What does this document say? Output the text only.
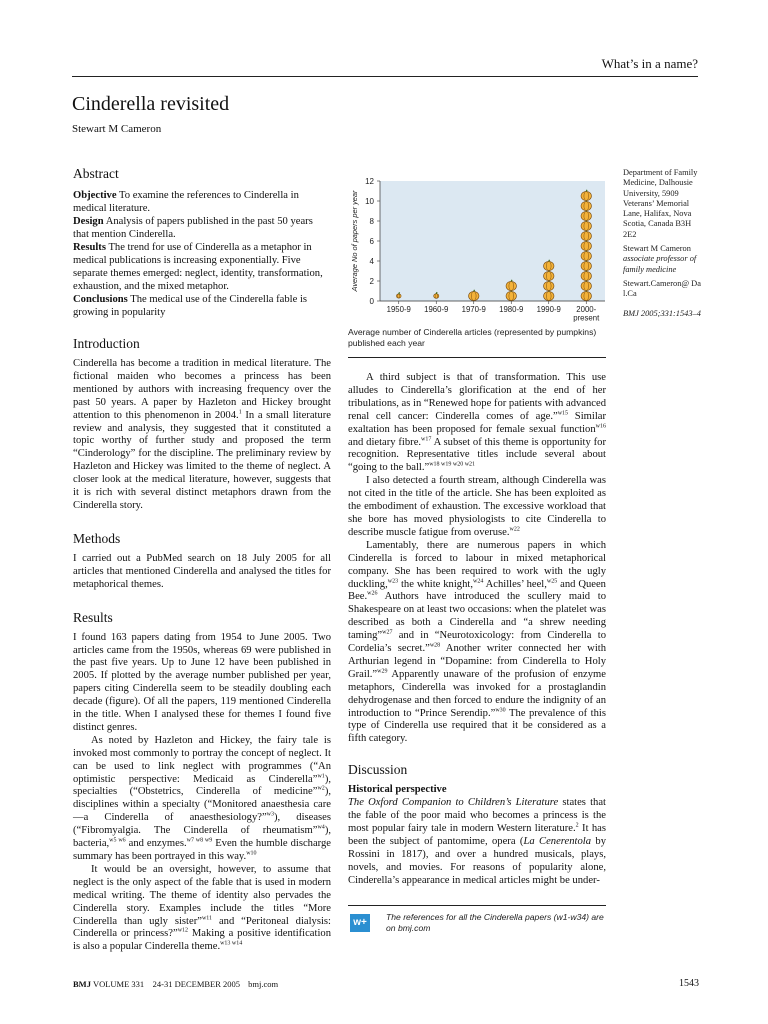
What’s in a name?
Cinderella revisited
Stewart M Cameron
Abstract

Objective To examine the references to Cinderella in medical literature.

Design Analysis of papers published in the past 50 years that mention Cinderella.

Results The trend for use of Cinderella as a metaphor in medical publications is increasing exponentially. Five separate themes emerged: neglect, identity, transformation, exhaustion, and the mixed metaphor.

Conclusions The medical use of the Cinderella fable is growing in popularity

Introduction

Cinderella has become a tradition in medical literature. The fictional maiden who becomes a princess has been mentioned by authors with increasing frequency over the past 50 years. A paper by Hazleton and Hickey brought attention to this phenomenon in 2004.$^1$ In a small literature review and analysis, they suggested that it constituted a topic worthy of further study and proposed the term “Cinderology” for the discipline. The preliminary review by Hazleton and Hickey was limited to the theme of neglect. A closer look at the medical literature, however, suggests that it is rich with several distinct metaphors drawn from the Cinderella story.

Methods

I carried out a PubMed search on 18 July 2005 for all articles that mentioned Cinderella and analysed the titles for metaphorical themes.

Results

I found 163 papers dating from 1954 to June 2005. Two articles came from the 1950s, whereas 69 were published in the past five years. Up to June 12 have been published in 2005. If plotted by the average number published per year, papers citing Cinderella seem to be steadily doubling each decade (figure). Of all the papers, 119 mentioned Cinderella in the title. When I analysed these for themes I found five distinct genres.

As noted by Hazleton and Hickey, the fairy tale is invoked most commonly to portray the concept of neglect. It can be used to link neglect with programmes (“An optimistic perspective: Medicaid as Cinderella”$^{w1}$), specialties (“Obstetrics, Cinderella of medicine”$^{w2}$), disciplines within a specialty (“Monitored anaesthesia care—a Cinderella of anaesthesiology?”$^{w3}$), diseases (“Fibromyalgia. The Cinderella of rheumatism”$^{w4}$), bacteria,$^{w5 w6}$ and enzymes.$^{w7 w8 w9}$ Even the humble discharge summary has been portrayed in this way.$^{w10}$

It would be an oversight, however, to assume that neglect is the only aspect of the fable that is used in modern medical writing. The theme of identity also pervades the Cinderella story. Examples include the titles “More Cinderella than ugly sister”$^{w11}$ and “Peritoneal dialysis: Cinderella or princess?”$^{w12}$ Making a positive identification is also a popular Cinderella theme.$^{w13 w14}$

0
2
4
6
8
10
12
Average No of papers per year
1950-9 1960-9 1970-9 1980-9 1990-9 2000-
present
Average number of Cinderella articles (represented by pumpkins) published each year
Department of Family Medicine, Dalhousie University, 5909 Veterans’ Memorial Lane, Halifax, Nova Scotia, Canada B3H 2E2
Stewart M Cameron
associate professor of family medicine
Stewart.Cameron@ Dal.Ca
BMJ 2005;331:1543–4

A third subject is that of transformation. This use alludes to Cinderella’s glorification at the end of her tribulations, as in “Renewed hope for patients with advanced renal cell cancer: Cinderella comes of age.”$^{w15}$ Similar exaltation has been proposed for female sexual function$^{w16}$ and dietary fibre.$^{w17}$ A subset of this theme is opportunity for recognition. Representative titles include several about “going to the ball.”$^{w18 w19 w20 w21}$

I also detected a fourth stream, although Cinderella was not cited in the title of the article. She has been exploited as the embodiment of exhaustion. The excessive workload that she bore has moved physiologists to cite Cinderella to describe muscle fatigue from overuse.$^{w22}$

Lamentably, there are numerous papers in which Cinderella is forced to labour in mixed metaphorical company. She has been required to work with the ugly duckling,$^{w23}$ the white knight,$^{w24}$ Achilles’ heel,$^{w25}$ and Queen Bee.$^{w26}$ Authors have introduced the scullery maid to Shakespeare on at least two occasions: when the platelet was described as both a Cinderella and “a shrew needing taming”$^{w27}$ and in “Neurotoxicology: from Cinderella to Cordelia’s secret.”$^{w28}$ Another writer connected her with Arthurian legend in “Dopamine: from Cinderella to Holy Grail.”$^{w29}$ Apparently unaware of the profusion of enzyme metaphors, Cinderella was invoked for a prostaglandin dehydrogenase and then forced to endure the indignity of an introduction to “Prince Serendip.”$^{w30}$ The prevalence of this type of Cinderella use required that it be considered as a fifth category.

Discussion
Historical perspective

The Oxford Companion to Children’s Literature states that the fable of the poor maid who becomes a princess is the most popular fairy tale in modern Western literature.$^2$ It has been the subject of pantomime, opera (La Cenerentola by Rossini in 1817), and over a hundred musicals, plays, novels, and movies. For reasons of popularity alone, Cinderella’s appearance in medical articles might be under-

w+	The references for all the Cinderella papers (w1-w34) are on bmj.com
BMJ VOLUME 331    24-31 DECEMBER 2005 bmj.com	1543
